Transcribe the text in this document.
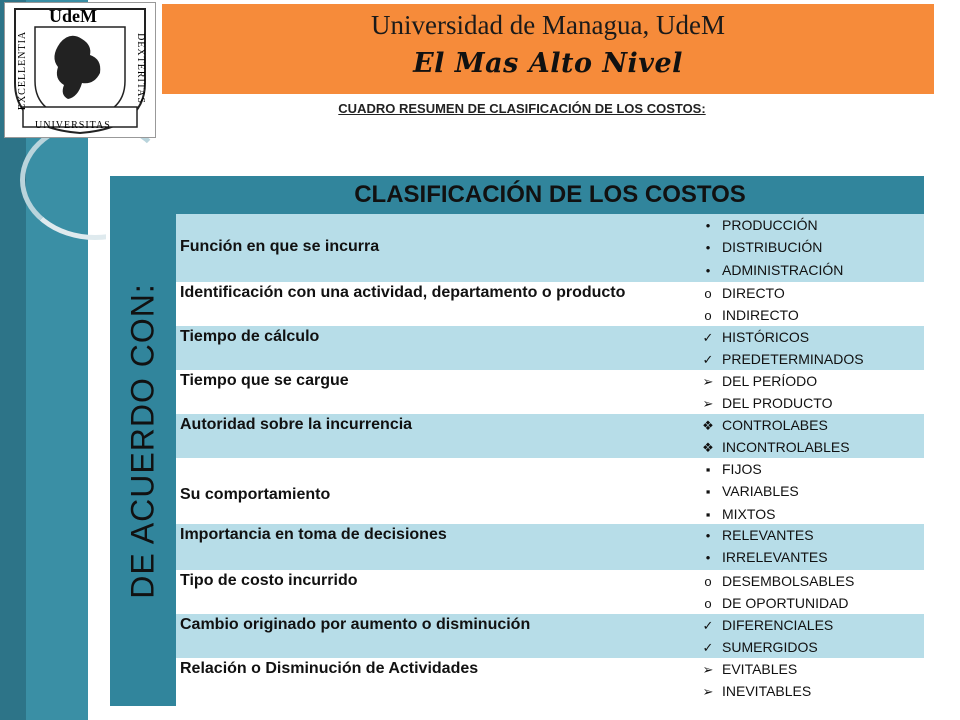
UdeM
EXCELLENTIA	DEXTERITAS
UNIVERSITAS
Universidad de Managua, UdeM
El Mas Alto Nivel
CUADRO RESUMEN DE CLASIFICACIÓN DE LOS COSTOS:
DE ACUERDO CON:
CLASIFICACIÓN DE LOS COSTOS
Función en que se incurra
• PRODUCCIÓN
• DISTRIBUCIÓN
• ADMINISTRACIÓN
Identificación con una actividad, departamento o producto	o DIRECTO
o INDIRECTO
Tiempo de cálculo	✓ HISTÓRICOS
✓ PREDETERMINADOS
Tiempo que se cargue	➢ DEL PERÍODO
➢ DEL PRODUCTO
Autoridad sobre la incurrencia	❖ CONTROLABES
❖ INCONTROLABLES
Su comportamiento
▪ FIJOS
▪ VARIABLES
▪ MIXTOS
Importancia en toma de decisiones	• RELEVANTES
• IRRELEVANTES
Tipo de costo incurrido	o DESEMBOLSABLES
o DE OPORTUNIDAD
Cambio originado por aumento o disminución	✓ DIFERENCIALES
✓ SUMERGIDOS
Relación o Disminución de Actividades	➢ EVITABLES
➢ INEVITABLES
